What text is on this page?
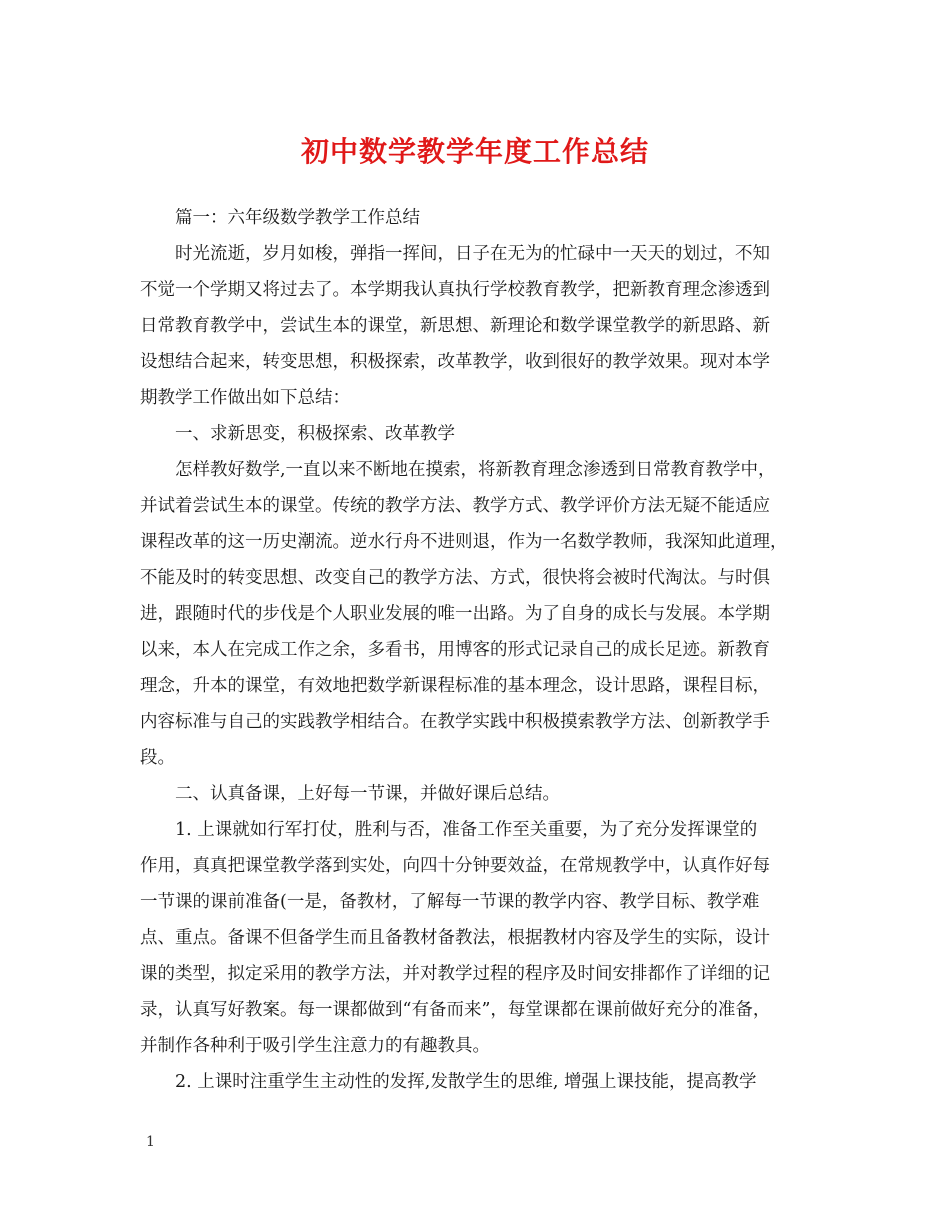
初中数学教学年度工作总结
篇一：六年级数学教学工作总结
时光流逝，岁月如梭，弹指一挥间，日子在无为的忙碌中一天天的划过，不知
不觉一个学期又将过去了。本学期我认真执行学校教育教学，把新教育理念渗透到
日常教育教学中，尝试生本的课堂，新思想、新理论和数学课堂教学的新思路、新
设想结合起来，转变思想，积极探索，改革教学，收到很好的教学效果。现对本学
期教学工作做出如下总结：
一、求新思变，积极探索、改革教学
怎样教好数学,一直以来不断地在摸索，将新教育理念渗透到日常教育教学中，
并试着尝试生本的课堂。传统的教学方法、教学方式、教学评价方法无疑不能适应
课程改革的这一历史潮流。逆水行舟不进则退，作为一名数学教师，我深知此道理，
不能及时的转变思想、改变自己的教学方法、方式，很快将会被时代淘汰。与时俱
进，跟随时代的步伐是个人职业发展的唯一出路。为了自身的成长与发展。本学期
以来，本人在完成工作之余，多看书，用博客的形式记录自己的成长足迹。新教育
理念，升本的课堂，有效地把数学新课程标准的基本理念，设计思路，课程目标，
内容标准与自己的实践教学相结合。在教学实践中积极摸索教学方法、创新教学手
段。
二、认真备课，上好每一节课，并做好课后总结。
1. 上课就如行军打仗，胜利与否，准备工作至关重要，为了充分发挥课堂的
作用，真真把课堂教学落到实处，向四十分钟要效益，在常规教学中，认真作好每
一节课的课前准备(一是，备教材，了解每一节课的教学内容、教学目标、教学难
点、重点。备课不但备学生而且备教材备教法，根据教材内容及学生的实际，设计
课的类型，拟定采用的教学方法，并对教学过程的程序及时间安排都作了详细的记
录，认真写好教案。每一课都做到“有备而来”，每堂课都在课前做好充分的准备，
并制作各种利于吸引学生注意力的有趣教具。
2. 上课时注重学生主动性的发挥,发散学生的思维, 增强上课技能，提高教学
1
